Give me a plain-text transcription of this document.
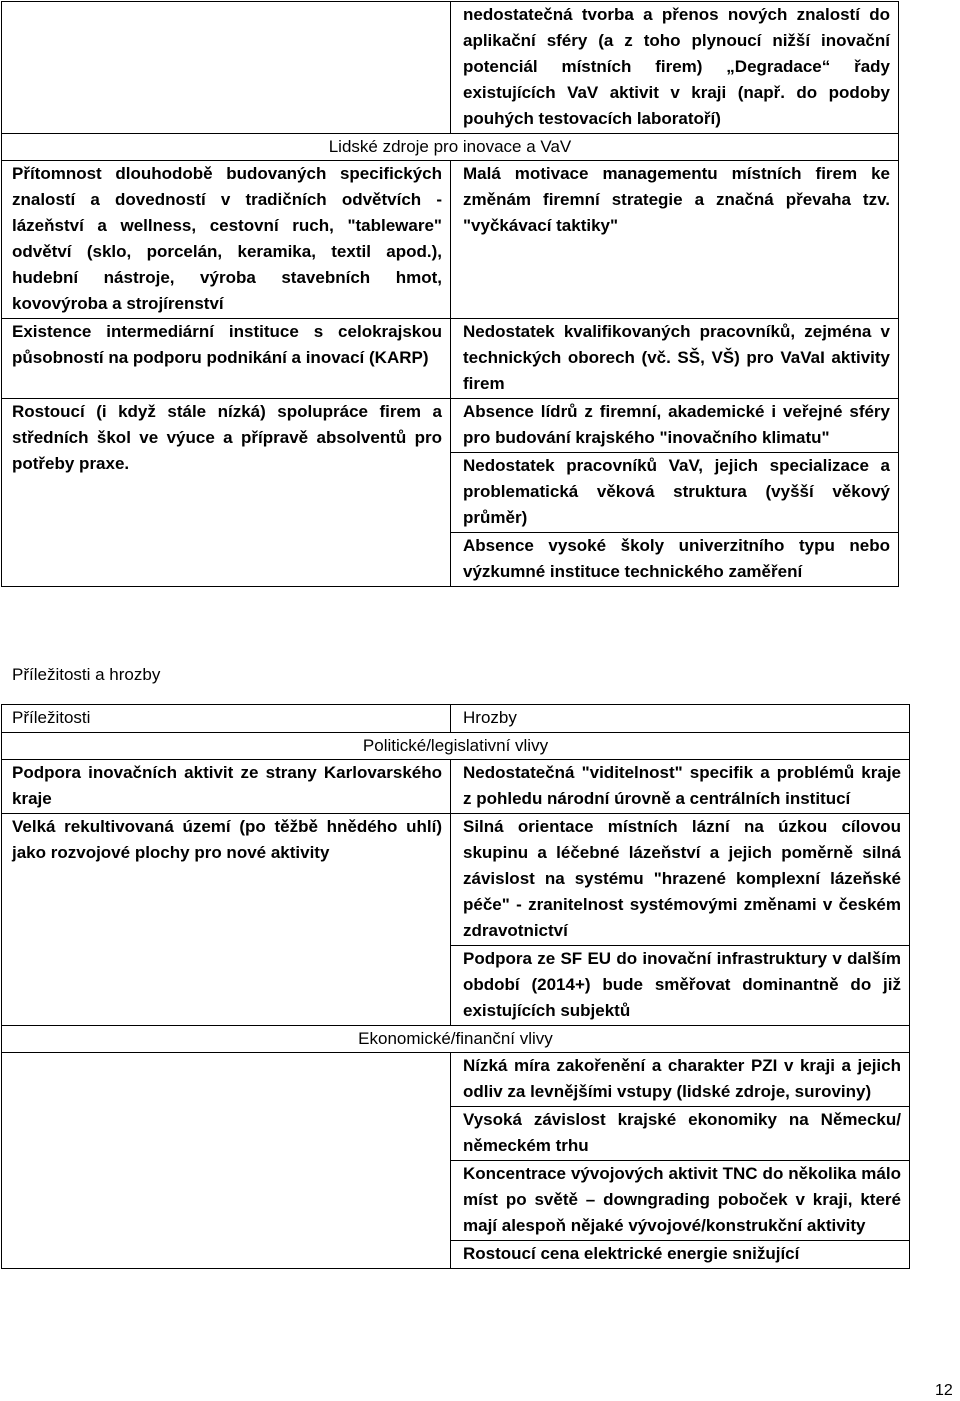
	nedostatečná tvorba a přenos nových znalostí do aplikační sféry (a z toho plynoucí nižší inovační potenciál místních firem) „Degradace“ řady existujících VaV aktivit v kraji (např. do podoby pouhých testovacích laboratoří)
Lidské zdroje pro inovace a VaV	
Přítomnost dlouhodobě budovaných specifických znalostí a dovedností v tradičních odvětvích - lázeňství a wellness, cestovní ruch, "tableware" odvětví (sklo, porcelán, keramika, textil apod.), hudební nástroje, výroba stavebních hmot, kovovýroba a strojírenství	Malá motivace managementu místních firem ke změnám firemní strategie a značná převaha tzv. "vyčkávací taktiky"
Existence intermediární instituce s celokrajskou působností na podporu podnikání a inovací (KARP)	Nedostatek kvalifikovaných pracovníků, zejména v technických oborech (vč. SŠ, VŠ) pro VaVaI aktivity firem
Rostoucí (i když stále nízká) spolupráce firem a středních škol ve výuce a přípravě absolventů pro potřeby praxe.	Absence lídrů z firemní, akademické i veřejné sféry pro budování krajského "inovačního klimatu"
	Nedostatek pracovníků VaV, jejich specializace a problematická věková struktura (vyšší věkový průměr)
	Absence vysoké školy univerzitního typu nebo výzkumné instituce technického zaměření
Příležitosti a hrozby
Příležitosti	Hrozby
Politické/legislativní vlivy	
Podpora inovačních aktivit ze strany Karlovarského kraje	Nedostatečná "viditelnost" specifik a problémů kraje z pohledu národní úrovně a centrálních institucí
Velká rekultivovaná území (po těžbě hnědého uhlí) jako rozvojové plochy pro nové aktivity	Silná orientace místních lázní na úzkou cílovou skupinu a léčebné lázeňství a jejich poměrně silná závislost na systému "hrazené komplexní lázeňské péče" - zranitelnost systémovými změnami v českém zdravotnictví
	Podpora ze SF EU do inovační infrastruktury v dalším období (2014+) bude směřovat dominantně do již existujících subjektů
Ekonomické/finanční vlivy	
	Nízká míra zakořenění a charakter PZI v kraji a jejich odliv za levnějšími vstupy (lidské zdroje, suroviny)
	Vysoká závislost krajské ekonomiky na Německu/ německém trhu
	Koncentrace vývojových aktivit TNC do několika málo míst po světě – downgrading poboček v kraji, které mají alespoň nějaké vývojové/konstrukční aktivity
	Rostoucí cena elektrické energie snižující
12
